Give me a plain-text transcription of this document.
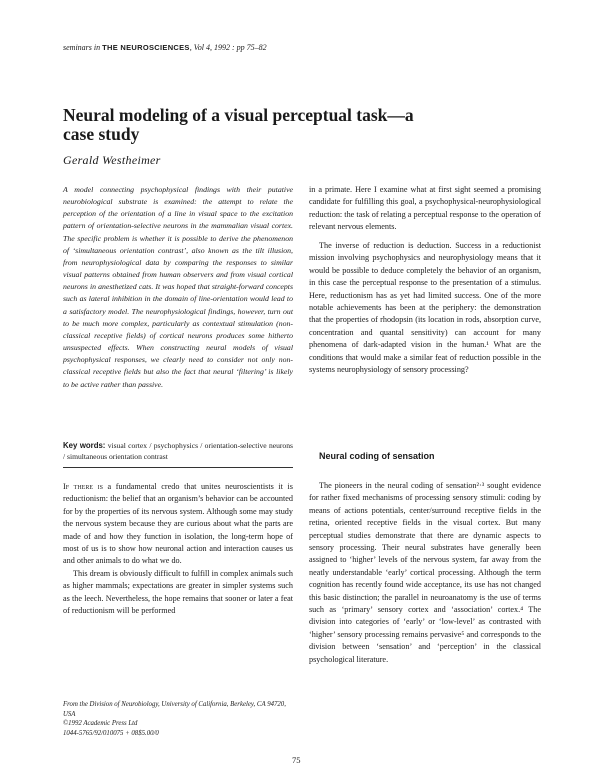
seminars in THE NEUROSCIENCES, Vol 4, 1992 : pp 75–82
Neural modeling of a visual perceptual task—a case study
Gerald Westheimer

A model connecting psychophysical findings with their putative neurobiological substrate is examined: the attempt to relate the perception of the orientation of a line in visual space to the excitation pattern of orientation-selective neurons in the mammalian visual cortex. The specific problem is whether it is possible to derive the phenomenon of ‘simultaneous orientation contrast’, also known as the tilt illusion, from neurophysiological data by comparing the responses to similar visual patterns obtained from human observers and from visual cortical neurons in anesthetized cats. It was hoped that straight-forward concepts such as lateral inhibition in the domain of line-orientation would lead to a satisfactory model. The neurophysiological findings, however, turn out to be much more complex, particularly as contextual stimulation (non-classical receptive fields) of cortical neurons produces some hitherto unsuspected effects. When constructing neural models of visual psychophysical responses, we clearly need to consider not only non-classical receptive fields but also the fact that neural ‘filtering’ is likely to be active rather than passive.

Key words: visual cortex / psychophysics / orientation-selective neurons / simultaneous orientation contrast

If there is a fundamental credo that unites neuroscientists it is reductionism: the belief that an organism’s behavior can be accounted for by the properties of its nervous system. Although some may study the nervous system because they are curious about what the parts are made of and how they function in isolation, the long-term hope of most of us is to show how neuronal action and interaction causes us and other animals to do what we do.

This dream is obviously difficult to fulfill in complex animals such as higher mammals; expectations are greater in simpler systems such as the leech. Nevertheless, the hope remains that sooner or later a feat of reductionism will be performed

From the Division of Neurobiology, University of California, Berkeley, CA 94720, USA
©1992 Academic Press Ltd
1044-5765/92/010075 + 08$5.00/0

in a primate. Here I examine what at first sight seemed a promising candidate for fulfilling this goal, a psychophysical-neurophysiological reduction: the task of relating a perceptual response to the operation of relevant nervous elements.

The inverse of reduction is deduction. Success in a reductionist mission involving psychophysics and neurophysiology means that it would be possible to deduce completely the behavior of an organism, in this case the perceptual response to the presentation of a stimulus. Here, reductionism has as yet had limited success. One of the more notable achievements has been at the periphery: the demonstration that the properties of rhodopsin (its location in rods, absorption curve, concentration and quantal sensitivity) can account for many phenomena of dark-adapted vision in the human.¹ What are the conditions that would make a similar feat of reduction possible in the systems neurophysiology of sensory processing?

Neural coding of sensation

The pioneers in the neural coding of sensation²·³ sought evidence for rather fixed mechanisms of processing sensory stimuli: coding by means of actions potentials, center/surround receptive fields in the retina, oriented receptive fields in the visual cortex. But many perceptual studies demonstrate that there are dynamic aspects to sensory processing. Their neural substrates have generally been assigned to ‘higher’ levels of the nervous system, far away from the neatly understandable ‘early’ cortical processing. Although the term cognition has recently found wide acceptance, its use has not changed this basic distinction; the parallel in neuroanatomy is the use of terms such as ‘primary’ sensory cortex and ‘association’ cortex.⁴ The division into categories of ‘early’ or ‘low-level’ as contrasted with ‘higher’ sensory processing remains pervasive⁵ and corresponds to the division between ‘sensation’ and ‘perception’ in the classical psychological literature.

75
